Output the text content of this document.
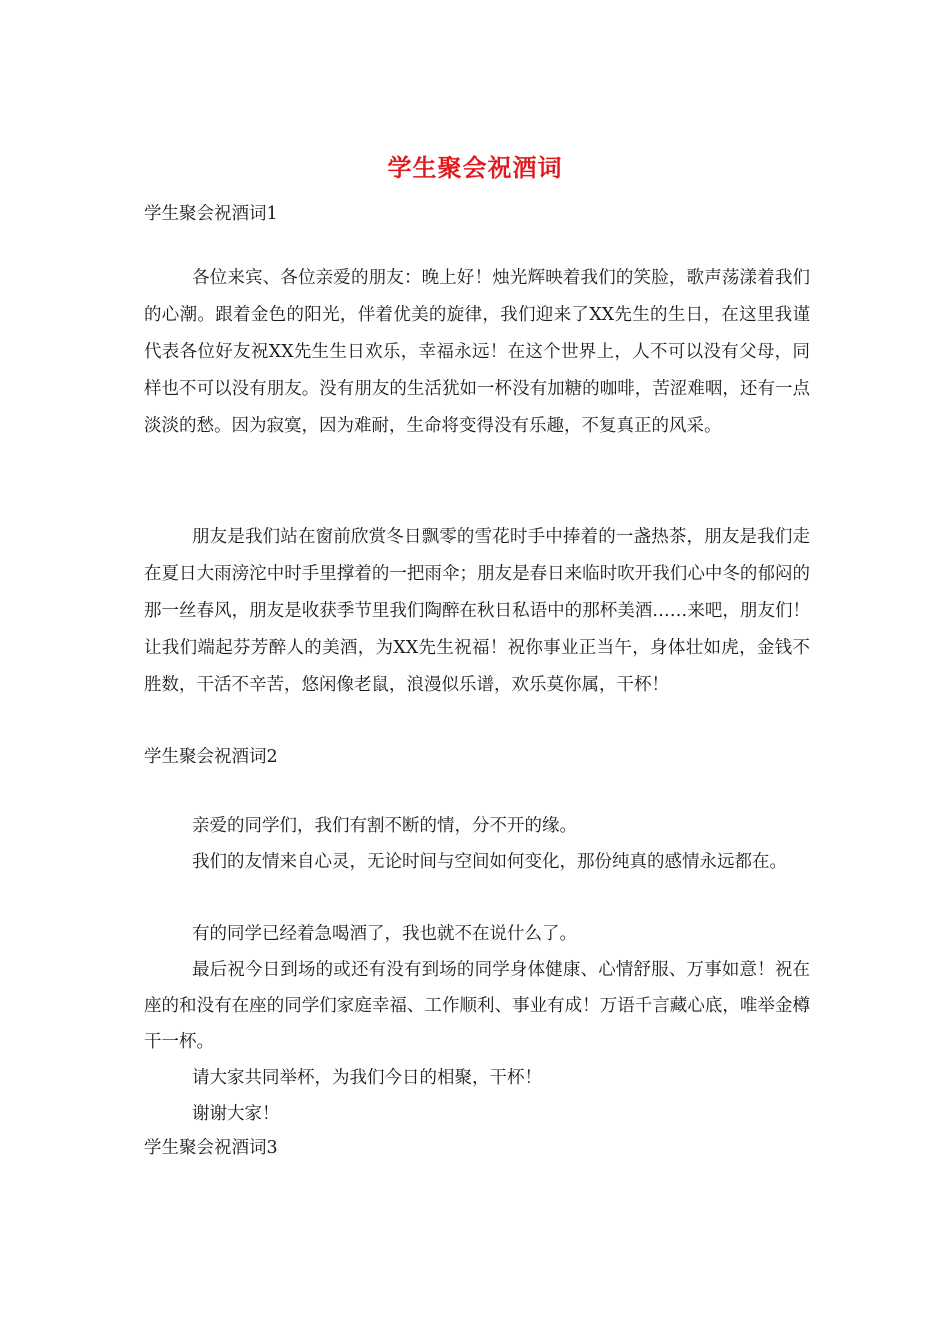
学生聚会祝酒词
学生聚会祝酒词1

各位来宾、各位亲爱的朋友：晚上好！烛光辉映着我们的笑脸，歌声荡漾着我们的心潮。跟着金色的阳光，伴着优美的旋律，我们迎来了XX先生的生日，在这里我谨代表各位好友祝XX先生生日欢乐，幸福永远！在这个世界上，人不可以没有父母，同样也不可以没有朋友。没有朋友的生活犹如一杯没有加糖的咖啡，苦涩难咽，还有一点淡淡的愁。因为寂寞，因为难耐，生命将变得没有乐趣，不复真正的风采。

朋友是我们站在窗前欣赏冬日飘零的雪花时手中捧着的一盏热茶，朋友是我们走在夏日大雨滂沱中时手里撑着的一把雨伞；朋友是春日来临时吹开我们心中冬的郁闷的那一丝春风，朋友是收获季节里我们陶醉在秋日私语中的那杯美酒……来吧，朋友们！让我们端起芬芳醉人的美酒，为XX先生祝福！祝你事业正当午，身体壮如虎，金钱不胜数，干活不辛苦，悠闲像老鼠，浪漫似乐谱，欢乐莫你属，干杯！

学生聚会祝酒词2

亲爱的同学们，我们有割不断的情，分不开的缘。

我们的友情来自心灵，无论时间与空间如何变化，那份纯真的感情永远都在。

有的同学已经着急喝酒了，我也就不在说什么了。

最后祝今日到场的或还有没有到场的同学身体健康、心情舒服、万事如意！祝在座的和没有在座的同学们家庭幸福、工作顺利、事业有成！万语千言藏心底，唯举金樽干一杯。

请大家共同举杯，为我们今日的相聚，干杯！

谢谢大家！

学生聚会祝酒词3
